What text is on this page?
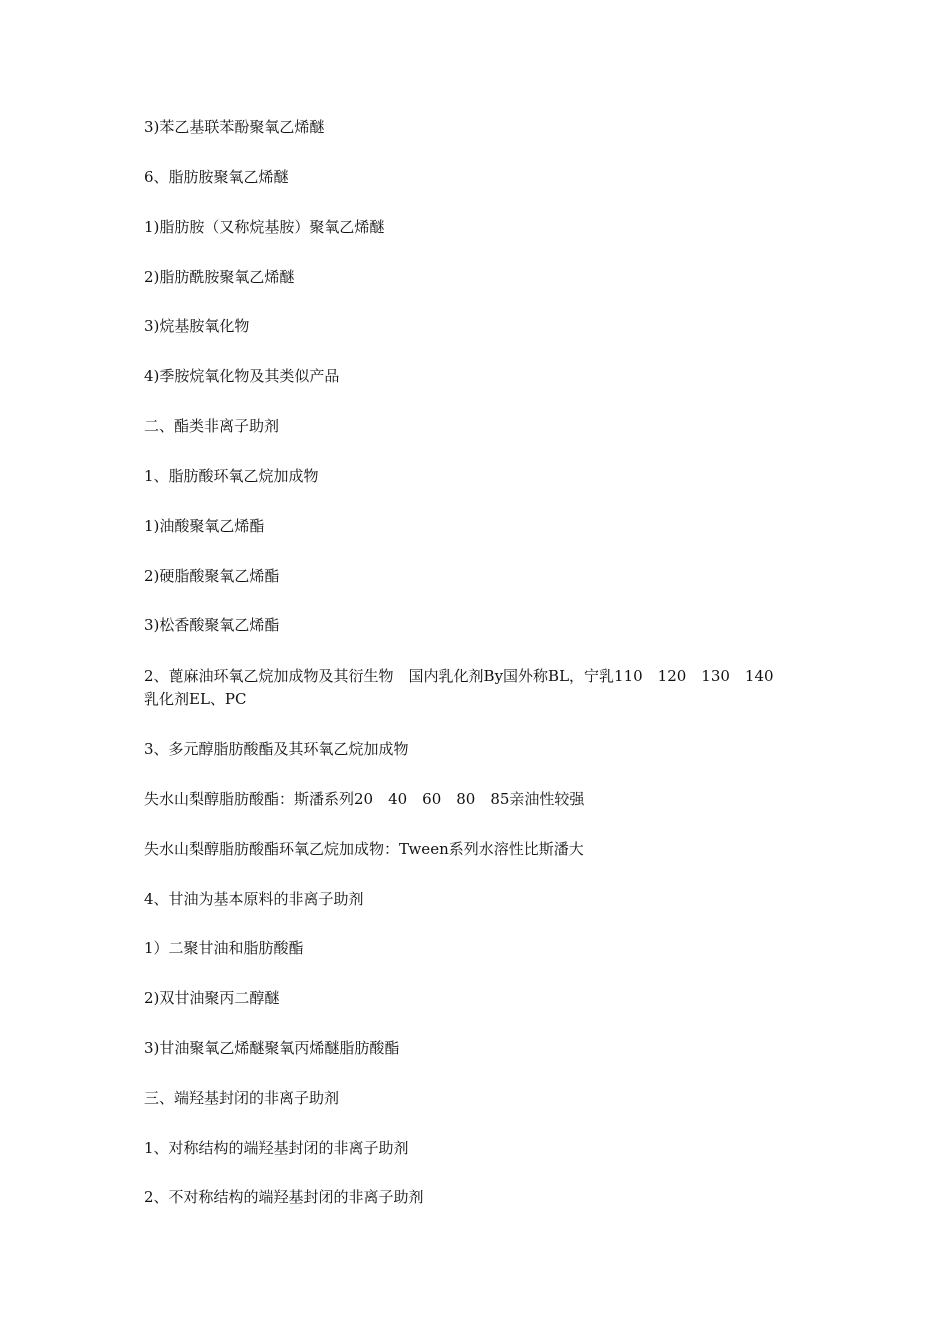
3)苯乙基联苯酚聚氧乙烯醚
6、脂肪胺聚氧乙烯醚
1)脂肪胺（又称烷基胺）聚氧乙烯醚
2)脂肪酰胺聚氧乙烯醚
3)烷基胺氧化物
4)季胺烷氧化物及其类似产品
二、酯类非离子助剂
1、脂肪酸环氧乙烷加成物
1)油酸聚氧乙烯酯
2)硬脂酸聚氧乙烯酯
3)松香酸聚氧乙烯酯
2、蓖麻油环氧乙烷加成物及其衍生物　国内乳化剂By国外称BL，宁乳110　120　130　140
乳化剂EL、PC
3、多元醇脂肪酸酯及其环氧乙烷加成物
失水山梨醇脂肪酸酯：斯潘系列20　40　60　80　85亲油性较强
失水山梨醇脂肪酸酯环氧乙烷加成物：Tween系列水溶性比斯潘大
4、甘油为基本原料的非离子助剂
1）二聚甘油和脂肪酸酯
2)双甘油聚丙二醇醚
3)甘油聚氧乙烯醚聚氧丙烯醚脂肪酸酯
三、端羟基封闭的非离子助剂
1、对称结构的端羟基封闭的非离子助剂
2、不对称结构的端羟基封闭的非离子助剂
